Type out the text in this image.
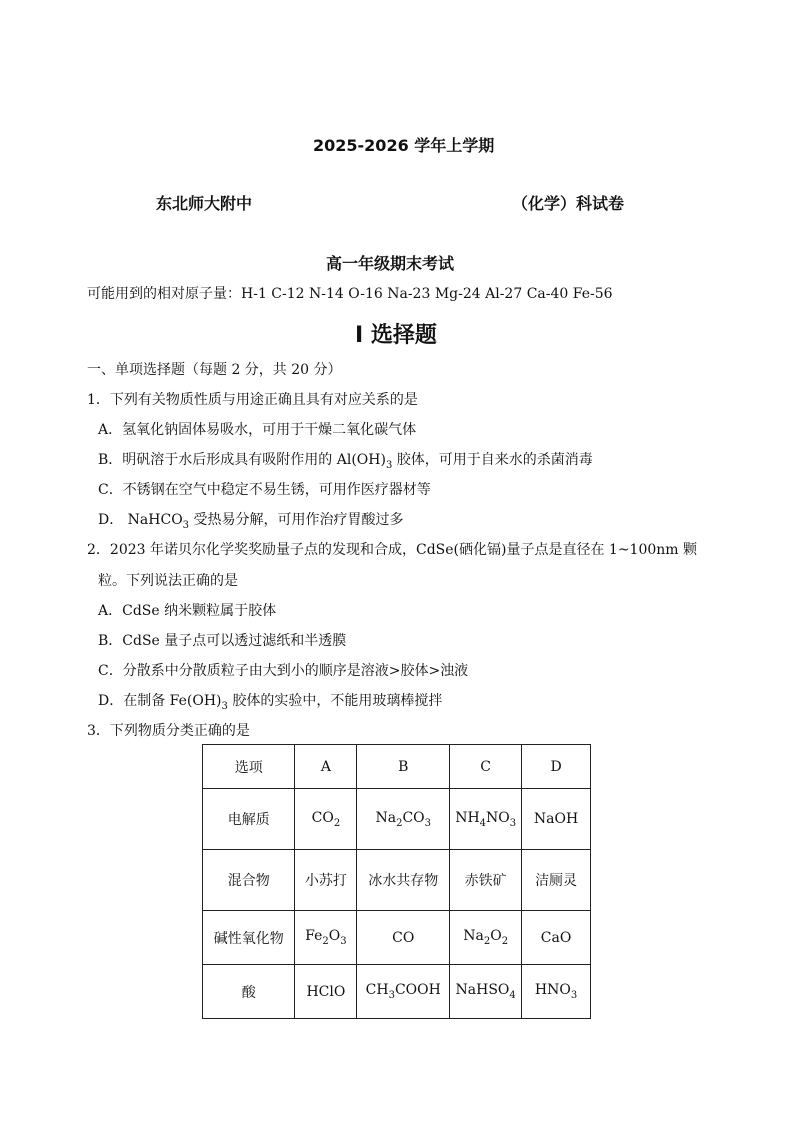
2025-2026 学年上学期
东北师大附中	（化学）科试卷
高一年级期末考试
可能用到的相对原子量：H-1 C-12 N-14 O-16 Na-23 Mg-24 Al-27 Ca-40 Fe-56
I 选择题
一、单项选择题（每题 2 分，共 20 分）
1．下列有关物质性质与用途正确且具有对应关系的是
A．氢氧化钠固体易吸水，可用于干燥二氧化碳气体
B．明矾溶于水后形成具有吸附作用的 $Al(OH)_3$ 胶体，可用于自来水的杀菌消毒
C．不锈钢在空气中稳定不易生锈，可用作医疗器材等
D． NaHCO$_3$ 受热易分解，可用作治疗胃酸过多
2．2023 年诺贝尔化学奖奖励量子点的发现和合成，CdSe(硒化镉)量子点是直径在 1~100nm 颗
粒。下列说法正确的是
A．CdSe 纳米颗粒属于胶体
B．CdSe 量子点可以透过滤纸和半透膜
C．分散系中分散质粒子由大到小的顺序是溶液>胶体>浊液
D．在制备 $Fe(OH)_3$ 胶体的实验中，不能用玻璃棒搅拌
3．下列物质分类正确的是
选项	A	B	C	D
电解质	$CO_2$	$Na_2CO_3$	$NH_4NO_3$	NaOH
混合物	小苏打	冰水共存物	赤铁矿	洁厕灵
碱性氧化物	$Fe_2O_3$	CO	$Na_2O_2$	CaO
酸	HClO	$CH_3COOH$	NaHSO$_4$	$HNO_3$
